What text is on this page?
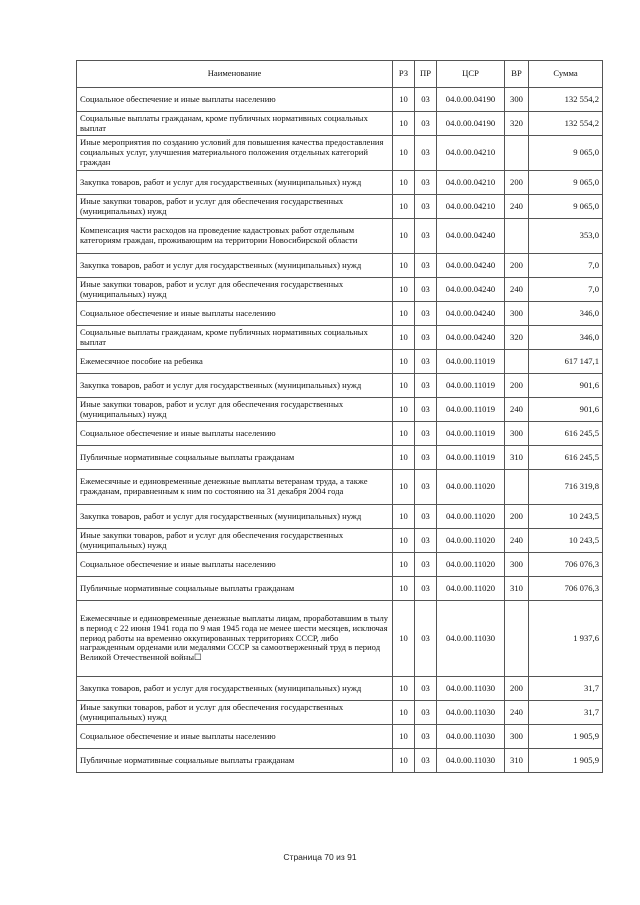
Наименование	РЗ	ПР	ЦСР	ВР	Сумма
Социальное обеспечение и иные выплаты населению	10	03	04.0.00.04190	300	132 554,2
Социальные выплаты гражданам, кроме публичных нормативных социальных выплат	10	03	04.0.00.04190	320	132 554,2
Иные мероприятия по созданию условий для повышения качества предоставления социальных услуг, улучшения материального положения отдельных категорий граждан	10	03	04.0.00.04210		9 065,0
Закупка товаров, работ и услуг для государственных (муниципальных) нужд	10	03	04.0.00.04210	200	9 065,0
Иные закупки товаров, работ и услуг для обеспечения государственных (муниципальных) нужд	10	03	04.0.00.04210	240	9 065,0
Компенсация части расходов на проведение кадастровых работ отдельным категориям граждан, проживающим на территории Новосибирской области	10	03	04.0.00.04240		353,0
Закупка товаров, работ и услуг для государственных (муниципальных) нужд	10	03	04.0.00.04240	200	7,0
Иные закупки товаров, работ и услуг для обеспечения государственных (муниципальных) нужд	10	03	04.0.00.04240	240	7,0
Социальное обеспечение и иные выплаты населению	10	03	04.0.00.04240	300	346,0
Социальные выплаты гражданам, кроме публичных нормативных социальных выплат	10	03	04.0.00.04240	320	346,0
Ежемесячное пособие на ребенка	10	03	04.0.00.11019		617 147,1
Закупка товаров, работ и услуг для государственных (муниципальных) нужд	10	03	04.0.00.11019	200	901,6
Иные закупки товаров, работ и услуг для обеспечения государственных (муниципальных) нужд	10	03	04.0.00.11019	240	901,6
Социальное обеспечение и иные выплаты населению	10	03	04.0.00.11019	300	616 245,5
Публичные нормативные социальные выплаты гражданам	10	03	04.0.00.11019	310	616 245,5
Ежемесячные и единовременные денежные выплаты ветеранам труда, а также гражданам, приравненным к ним по состоянию на 31 декабря 2004 года	10	03	04.0.00.11020		716 319,8
Закупка товаров, работ и услуг для государственных (муниципальных) нужд	10	03	04.0.00.11020	200	10 243,5
Иные закупки товаров, работ и услуг для обеспечения государственных (муниципальных) нужд	10	03	04.0.00.11020	240	10 243,5
Социальное обеспечение и иные выплаты населению	10	03	04.0.00.11020	300	706 076,3
Публичные нормативные социальные выплаты гражданам	10	03	04.0.00.11020	310	706 076,3
Ежемесячные и единовременные денежные выплаты лицам, проработавшим в тылу в период с 22 июня 1941 года по 9 мая 1945 года не менее шести месяцев, исключая период работы на временно оккупированных территориях СССР, либо награжденным орденами или медалями СССР за самоотверженный труд в период Великой Отечественной войны☐	10	03	04.0.00.11030		1 937,6
Закупка товаров, работ и услуг для государственных (муниципальных) нужд	10	03	04.0.00.11030	200	31,7
Иные закупки товаров, работ и услуг для обеспечения государственных (муниципальных) нужд	10	03	04.0.00.11030	240	31,7
Социальное обеспечение и иные выплаты населению	10	03	04.0.00.11030	300	1 905,9
Публичные нормативные социальные выплаты гражданам	10	03	04.0.00.11030	310	1 905,9
Страница 70 из 91
